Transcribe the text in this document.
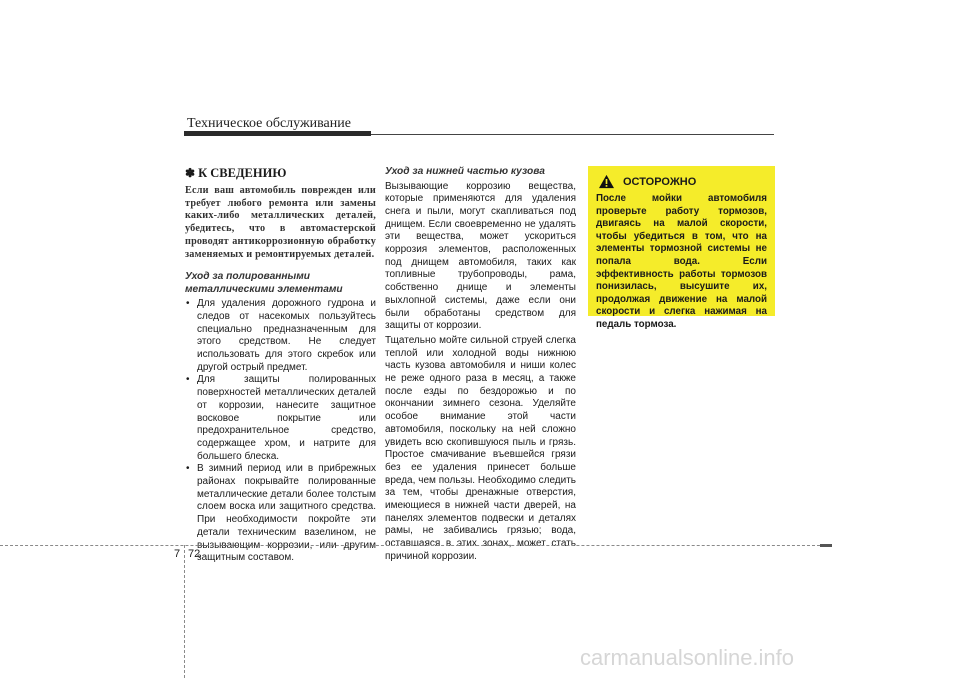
Техническое обслуживание
✽ К СВЕДЕНИЮ

Если ваш автомобиль поврежден или требует любого ремонта или замены каких-либо металлических деталей, убедитесь, что в автомастерской проводят антикоррозионную обработку заменяемых и ремонтируемых деталей.

Уход за полированными металлическими элементами
• Для удаления дорожного гудрона и следов от насекомых пользуйтесь специально предназначенным для этого средством. Не следует использовать для этого скребок или другой острый предмет.
• Для защиты полированных поверхностей металлических деталей от коррозии, нанесите защитное восковое покрытие или предохранительное средство, содержащее хром, и натрите для большего блеска.
• В зимний период или в прибрежных районах покрывайте полированные металлические детали более толстым слоем воска или защитного средства. При необходимости покройте эти детали техническим вазелином, не вызывающим коррозии, или другим защитным составом.
Уход за нижней частью кузова

Вызывающие коррозию вещества, которые применяются для удаления снега и пыли, могут скапливаться под днищем. Если своевременно не удалять эти вещества, может ускориться коррозия элементов, расположенных под днищем автомобиля, таких как топливные трубопроводы, рама, собственно днище и элементы выхлопной системы, даже если они были обработаны средством для защиты от коррозии.

Тщательно мойте сильной струей слегка теплой или холодной воды нижнюю часть кузова автомобиля и ниши колес не реже одного раза в месяц, а также после езды по бездорожью и по окончании зимнего сезона. Уделяйте особое внимание этой части автомобиля, поскольку на ней сложно увидеть всю скопившуюся пыль и грязь. Простое смачивание въевшейся грязи без ее удаления принесет больше вреда, чем пользы. Необходимо следить за тем, чтобы дренажные отверстия, имеющиеся в нижней части дверей, на панелях элементов подвески и деталях рамы, не забивались грязью; вода, оставшаяся в этих зонах, может стать причиной коррозии.

ОСТОРОЖНО

После мойки автомобиля проверьте работу тормозов, двигаясь на малой скорости, чтобы убедиться в том, что на элементы тормозной системы не попала вода. Если эффективность работы тормозов понизилась, высушите их, продолжая движение на малой скорости и слегка нажимая на педаль тормоза.

7 72
carmanualsonline.info
